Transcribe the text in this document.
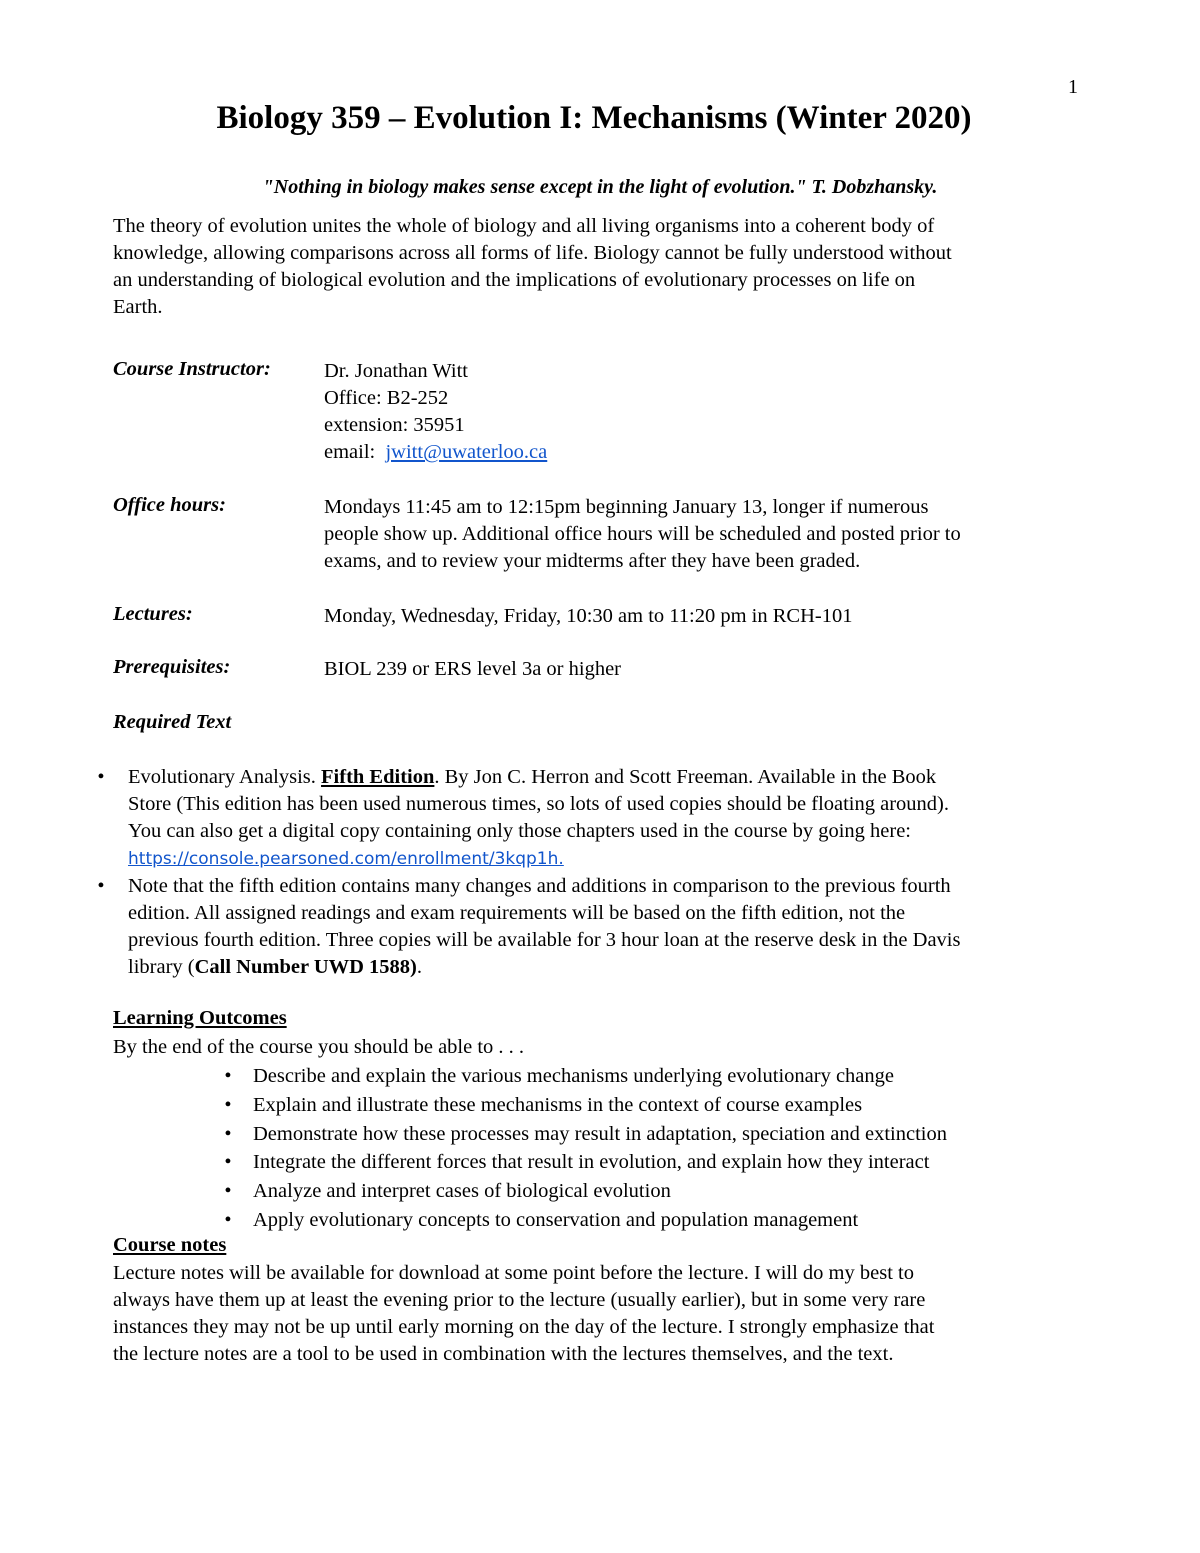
1
Biology 359 – Evolution I: Mechanisms (Winter 2020)
"Nothing in biology makes sense except in the light of evolution." T. Dobzhansky.
The theory of evolution unites the whole of biology and all living organisms into a coherent body of
knowledge, allowing comparisons across all forms of life. Biology cannot be fully understood without
an understanding of biological evolution and the implications of evolutionary processes on life on
Earth.
Course Instructor:	Dr. Jonathan Witt
Office: B2-252
extension: 35951
email: jwitt@uwaterloo.ca
Office hours:	Mondays 11:45 am to 12:15pm beginning January 13, longer if numerous
people show up. Additional office hours will be scheduled and posted prior to
exams, and to review your midterms after they have been graded.
Lectures:	Monday, Wednesday, Friday, 10:30 am to 11:20 pm in RCH-101
Prerequisites:	BIOL 239 or ERS level 3a or higher
Required Text
•	Evolutionary Analysis. Fifth Edition. By Jon C. Herron and Scott Freeman. Available in the Book
Store (This edition has been used numerous times, so lots of used copies should be floating around).
You can also get a digital copy containing only those chapters used in the course by going here:
https://console.pearsoned.com/enrollment/3kqp1h.
•	Note that the fifth edition contains many changes and additions in comparison to the previous fourth
edition. All assigned readings and exam requirements will be based on the fifth edition, not the
previous fourth edition. Three copies will be available for 3 hour loan at the reserve desk in the Davis
library (Call Number UWD 1588).
Learning Outcomes
By the end of the course you should be able to . . .
• Describe and explain the various mechanisms underlying evolutionary change
• Explain and illustrate these mechanisms in the context of course examples
• Demonstrate how these processes may result in adaptation, speciation and extinction
• Integrate the different forces that result in evolution, and explain how they interact
• Analyze and interpret cases of biological evolution
• Apply evolutionary concepts to conservation and population management
Course notes
Lecture notes will be available for download at some point before the lecture. I will do my best to
always have them up at least the evening prior to the lecture (usually earlier), but in some very rare
instances they may not be up until early morning on the day of the lecture. I strongly emphasize that
the lecture notes are a tool to be used in combination with the lectures themselves, and the text.
